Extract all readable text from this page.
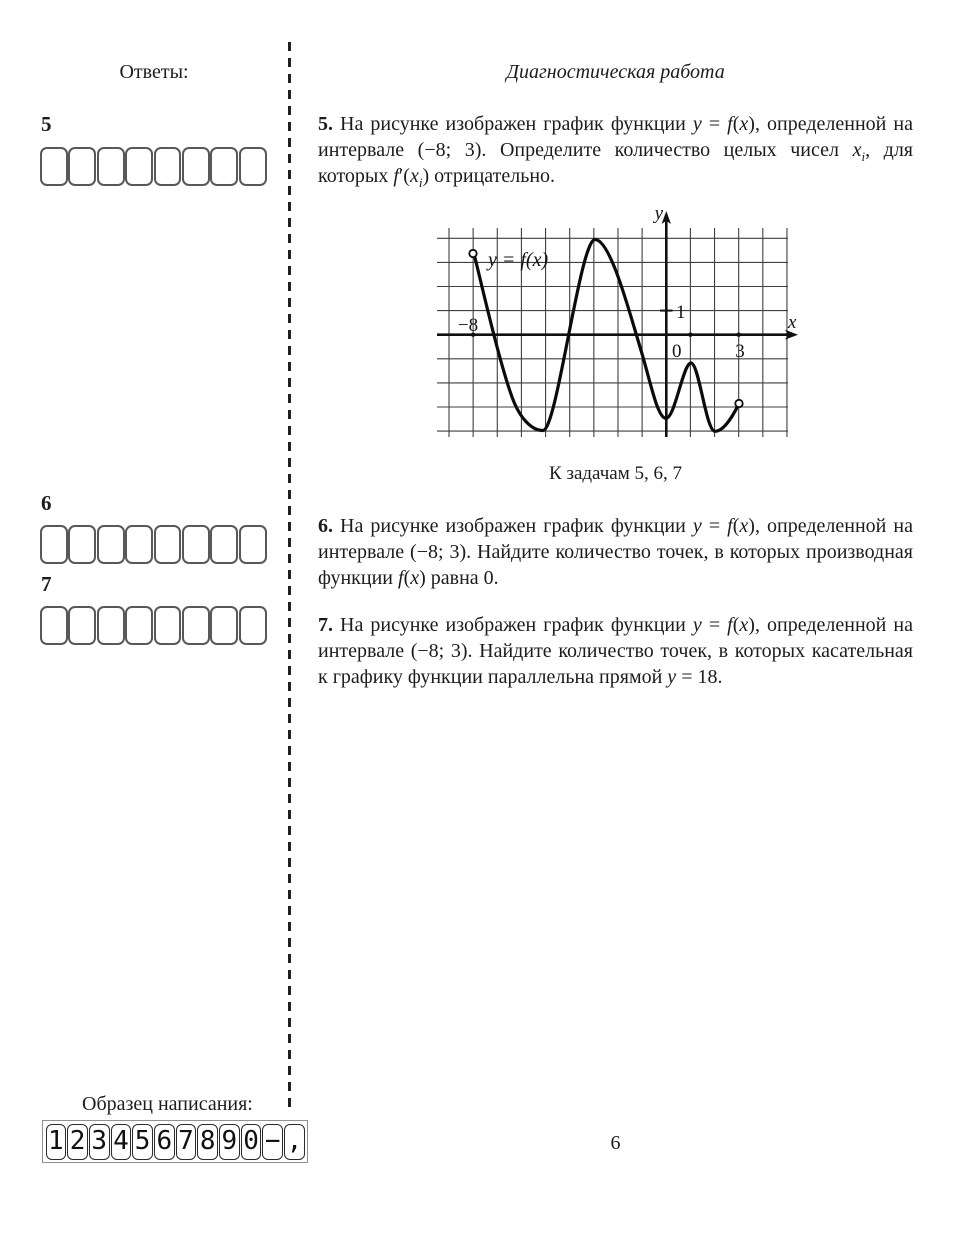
Ответы:
5
6
7
Диагностическая работа
5. На рисунке изображен график функции y = f(x), определенной на интервале (−8; 3). Определите количество целых чисел $x_i$, для которых $f'(x_i)$ отрицательно.
y = f(x)
y
x
−8
0	3
1
К задачам 5, 6, 7
6. На рисунке изображен график функции y = f(x), определенной на интервале (−8; 3). Найдите количество точек, в которых производная функции f(x) равна 0.
7. На рисунке изображен график функции y = f(x), определенной на интервале (−8; 3). Найдите количество точек, в которых касательная к графику функции параллельна прямой y = 18.
Образец написания:
1 2 3 4 5 6 7 8 9 0 − ,	6
